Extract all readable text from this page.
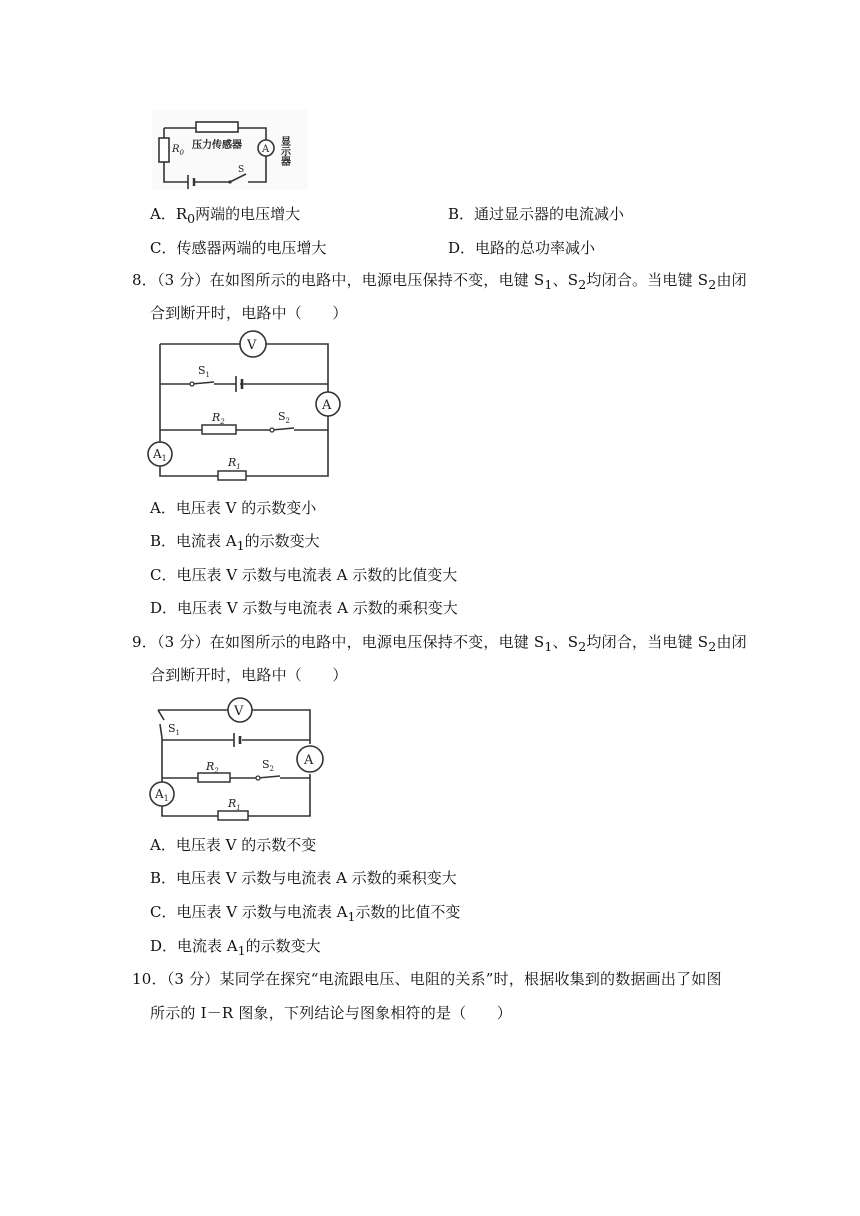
压力传感器
$R_0$
S
A 显示器
A．$R_0$两端的电压增大	B．通过显示器的电流减小
C．传感器两端的电压增大	D．电路的总功率减小
8．（3 分）在如图所示的电路中，电源电压保持不变，电键 $S_1$、$S_2$均闭合。当电键 $S_2$由闭
合到断开时，电路中（　　）
V
A
$A_1$
$S_1$
$R_2$	$S_2$
$R_1$
A．电压表 V 的示数变小
B．电流表 $A_1$的示数变大
C．电压表 V 示数与电流表 A 示数的比值变大
D．电压表 V 示数与电流表 A 示数的乘积变大
9．（3 分）在如图所示的电路中，电源电压保持不变，电键 $S_1$、$S_2$均闭合，当电键 $S_2$由闭
合到断开时，电路中（　　）
$S_1$
V
A
$R_2$	$S_2$
$A_1$	$R_1$
A．电压表 V 的示数不变
B．电压表 V 示数与电流表 A 示数的乘积变大
C．电压表 V 示数与电流表 $A_1$示数的比值不变
D．电流表 $A_1$的示数变大
10．（3 分）某同学在探究“电流跟电压、电阻的关系”时，根据收集到的数据画出了如图
所示的 I－R 图象，下列结论与图象相符的是（　　）
